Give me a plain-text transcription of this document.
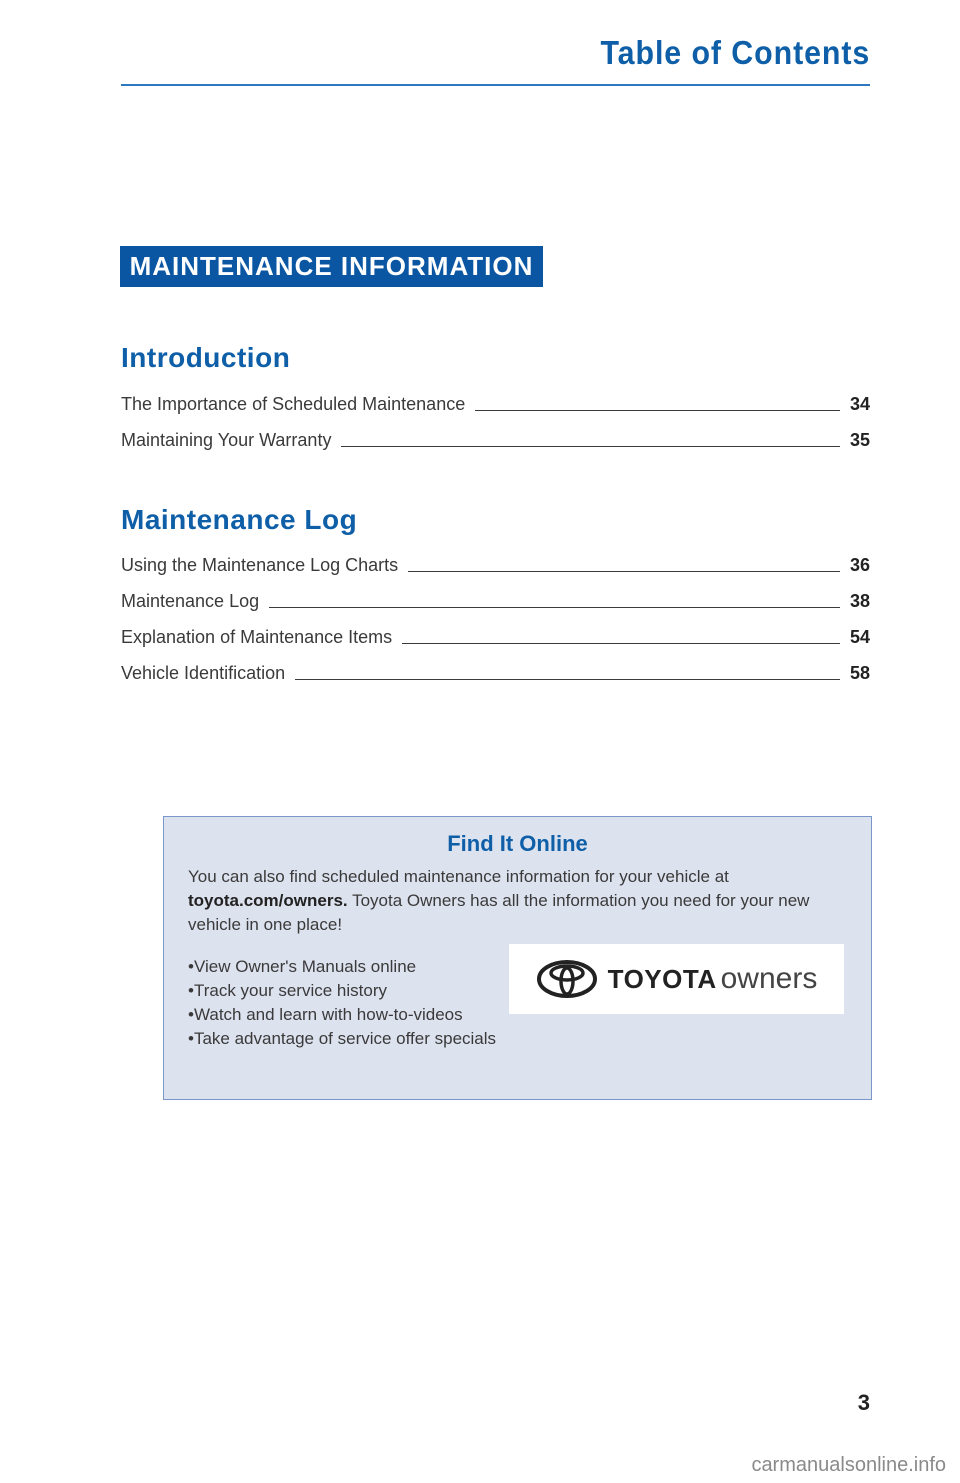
Table of Contents
MAINTENANCE INFORMATION
Introduction
The Importance of Scheduled Maintenance	34
Maintaining Your Warranty	35
Maintenance Log
Using the Maintenance Log Charts	36
Maintenance Log	38
Explanation of Maintenance Items	54
Vehicle Identification	58
Find It Online
You can also find scheduled maintenance information for your vehicle at toyota.com/owners. Toyota Owners has all the information you need for your new vehicle in one place!
•View Owner's Manuals online
•Track your service history
•Watch and learn with how-to-videos
•Take advantage of service offer specials
TOYOTA owners
3
carmanualsonline.info
